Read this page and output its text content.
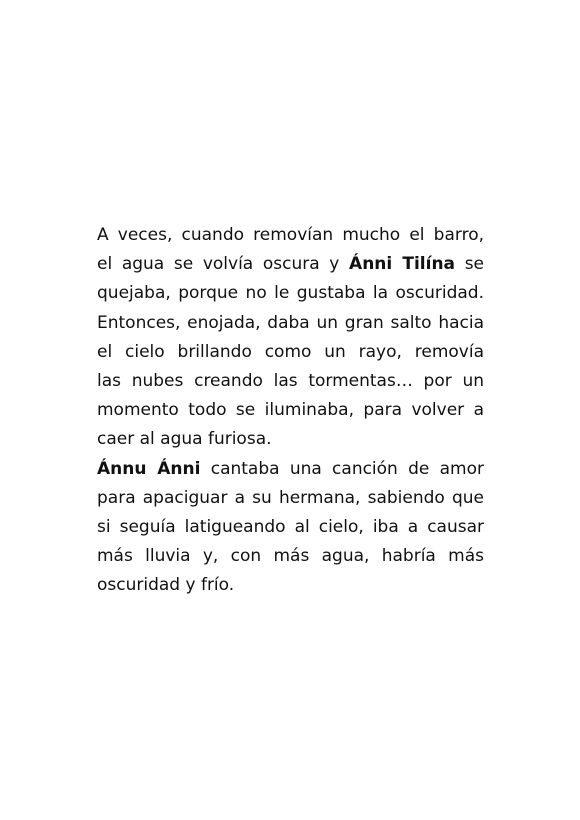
A veces, cuando removían mucho el barro,
el agua se volvía oscura y Ánni Tilína se
quejaba, porque no le gustaba la oscuridad.
Entonces, enojada, daba un gran salto hacia
el cielo brillando como un rayo, removía
las nubes creando las tormentas… por un
momento todo se iluminaba, para volver a
caer al agua furiosa.
Ánnu Ánni cantaba una canción de amor
para apaciguar a su hermana, sabiendo que
si seguía latigueando al cielo, iba a causar
más lluvia y, con más agua, habría más
oscuridad y frío.
